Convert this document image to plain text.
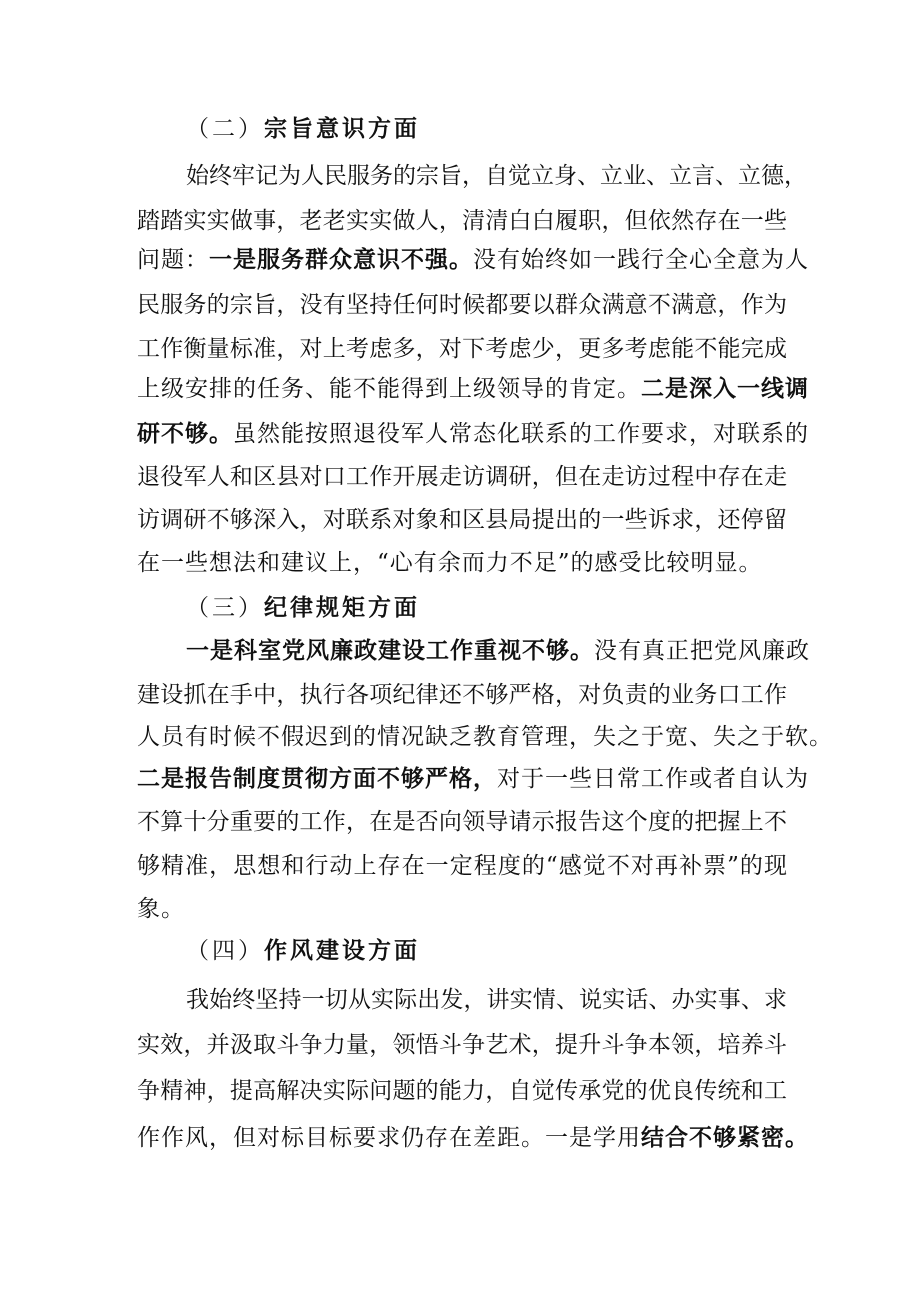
（二）宗旨意识方面
始终牢记为人民服务的宗旨，自觉立身、立业、立言、立德，
踏踏实实做事，老老实实做人，清清白白履职，但依然存在一些
问题：一是服务群众意识不强。没有始终如一践行全心全意为人
民服务的宗旨，没有坚持任何时候都要以群众满意不满意，作为
工作衡量标准，对上考虑多，对下考虑少，更多考虑能不能完成
上级安排的任务、能不能得到上级领导的肯定。二是深入一线调
研不够。虽然能按照退役军人常态化联系的工作要求，对联系的
退役军人和区县对口工作开展走访调研，但在走访过程中存在走
访调研不够深入，对联系对象和区县局提出的一些诉求，还停留
在一些想法和建议上，“心有余而力不足”的感受比较明显。
（三）纪律规矩方面
一是科室党风廉政建设工作重视不够。没有真正把党风廉政
建设抓在手中，执行各项纪律还不够严格，对负责的业务口工作
人员有时候不假迟到的情况缺乏教育管理，失之于宽、失之于软。
二是报告制度贯彻方面不够严格，对于一些日常工作或者自认为
不算十分重要的工作，在是否向领导请示报告这个度的把握上不
够精准，思想和行动上存在一定程度的“感觉不对再补票”的现
象。
（四）作风建设方面
我始终坚持一切从实际出发，讲实情、说实话、办实事、求
实效，并汲取斗争力量，领悟斗争艺术，提升斗争本领，培养斗
争精神，提高解决实际问题的能力，自觉传承党的优良传统和工
作作风，但对标目标要求仍存在差距。一是学用结合不够紧密。
